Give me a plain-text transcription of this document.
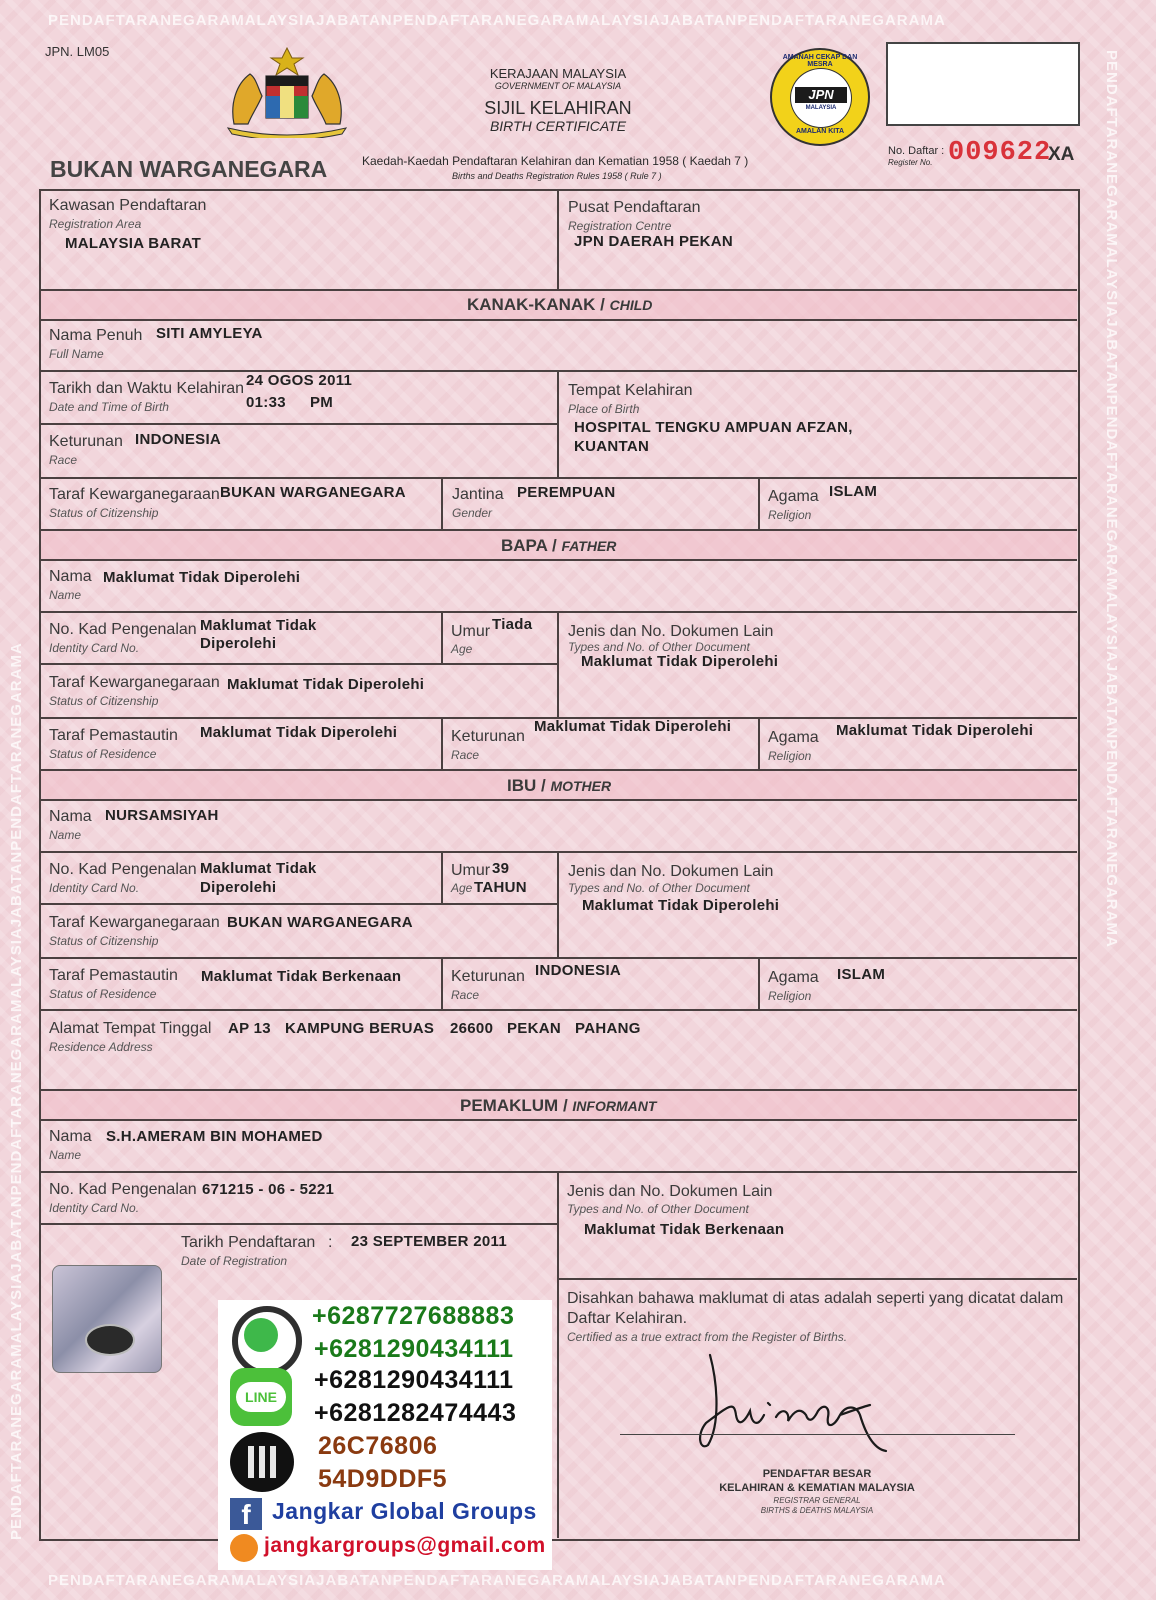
PENDAFTARANEGARAMALAYSIAJABATANPENDAFTARANEGARAMALAYSIAJABATANPENDAFTARANEGARAMA
PENDAFTARANEGARAMALAYSIAJABATANPENDAFTARANEGARAMALAYSIAJABATANPENDAFTARANEGARAMA
PENDAFTARANEGARAMALAYSIAJABATANPENDAFTARANEGARAMALAYSIAJABATANPENDAFTARANEGARAMA
PENDAFTARANEGARAMALAYSIAJABATANPENDAFTARANEGARAMALAYSIAJABATANPENDAFTARANEGARAMA
JPN. LM05
KERAJAAN MALAYSIA
GOVERNMENT OF MALAYSIA
SIJIL KELAHIRAN
BIRTH CERTIFICATE
BUKAN WARGANEGARA	Kaedah-Kaedah Pendaftaran Kelahiran dan Kematian 1958 ( Kaedah 7 )
Births and Deaths Registration Rules 1958 ( Rule 7 )
AMANAH CEKAP DAN MESRA
JPN
MALAYSIA
AMALAN KITA
No. Daftar :
Register No. 009622
XA
Kawasan Pendaftaran
Registration Area
MALAYSIA BARAT
Pusat Pendaftaran
Registration Centre
JPN DAERAH PEKAN
KANAK-KANAK / CHILD
Nama Penuh
Full Name
SITI AMYLEYA
Tarikh dan Waktu Kelahiran
Date and Time of Birth
24 OGOS 2011
01:33 PM
Tempat Kelahiran
Place of Birth
HOSPITAL TENGKU AMPUAN AFZAN,
KUANTAN
Keturunan
Race
INDONESIA
Taraf Kewarganegaraan
Status of Citizenship
BUKAN WARGANEGARA	Jantina
Gender
PEREMPUAN	Agama
Religion
ISLAM
BAPA / FATHER
Nama
Name
Maklumat Tidak Diperolehi
No. Kad Pengenalan
Identity Card No.
Maklumat Tidak
Diperolehi
Umur
Age
Tiada Jenis dan No. Dokumen Lain
Types and No. of Other Document
Maklumat Tidak Diperolehi
Taraf Kewarganegaraan
Status of Citizenship
Maklumat Tidak Diperolehi
Taraf Pemastautin
Status of Residence
Maklumat Tidak Diperolehi	Keturunan
Race
Maklumat Tidak Diperolehi
Agama
Religion
Maklumat Tidak Diperolehi
IBU / MOTHER
Nama
Name
NURSAMSIYAH
No. Kad Pengenalan
Identity Card No.
Maklumat Tidak
Diperolehi
Umur
Age
39
TAHUN
Jenis dan No. Dokumen Lain
Types and No. of Other Document
Maklumat Tidak Diperolehi
Taraf Kewarganegaraan
Status of Citizenship
BUKAN WARGANEGARA
Taraf Pemastautin
Status of Residence
Maklumat Tidak Berkenaan	Keturunan
Race
INDONESIA	Agama
Religion
ISLAM
Alamat Tempat Tinggal
Residence Address
AP 13 KAMPUNG BERUAS 26600 PEKAN PAHANG
PEMAKLUM / INFORMANT
Nama
Name
S.H.AMERAM BIN MOHAMED
No. Kad Pengenalan
Identity Card No.
671215 - 06 - 5221	Jenis dan No. Dokumen Lain
Types and No. of Other Document
Maklumat Tidak Berkenaan
Tarikh Pendaftaran
Date of Registration
: 23 SEPTEMBER 2011
Disahkan bahawa maklumat di atas adalah seperti yang dicatat dalam
Daftar Kelahiran.
Certified as a true extract from the Register of Births.
PENDAFTAR BESAR
KELAHIRAN & KEMATIAN MALAYSIA
REGISTRAR GENERAL
BIRTHS & DEATHS MALAYSIA
+6287727688883
+6281290434111
LINE
+6281290434111
+6281282474443
26C76806
54D9DDF5
f Jangkar Global Groups
jangkargroups@gmail.com
